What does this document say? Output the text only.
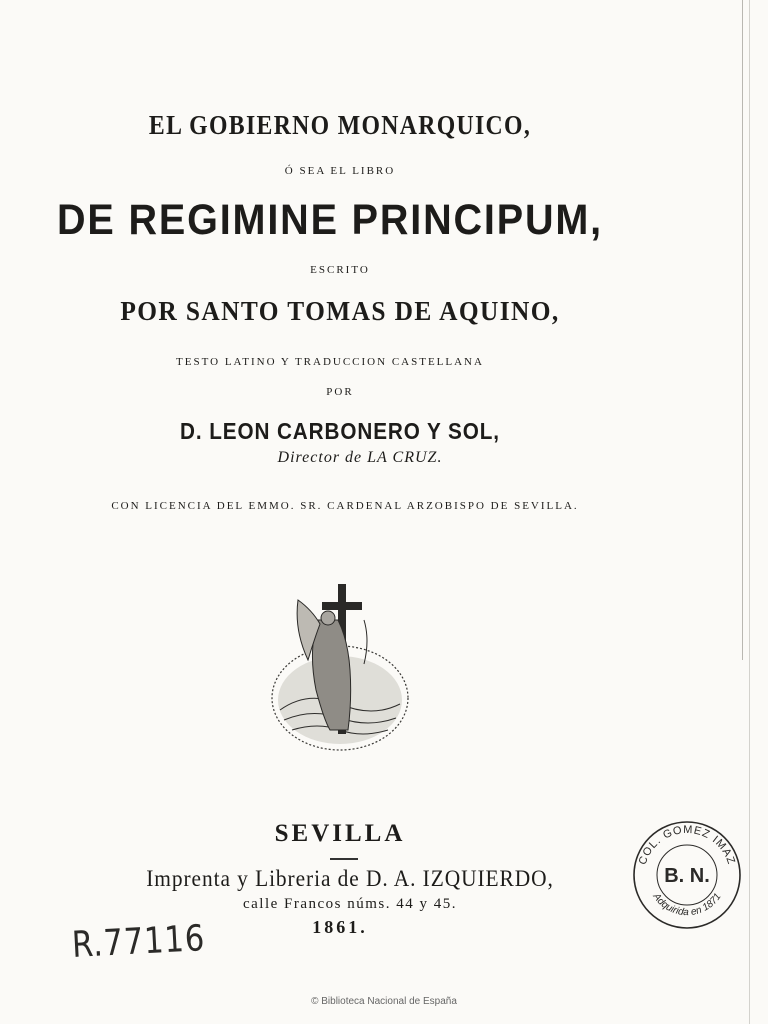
EL GOBIERNO MONARQUICO,
Ó SEA EL LIBRO
DE REGIMINE PRINCIPUM,
ESCRITO
POR SANTO TOMAS DE AQUINO,
TESTO LATINO Y TRADUCCION CASTELLANA
POR
D. LEON CARBONERO Y SOL,
Director de LA CRUZ.
CON LICENCIA DEL EMMO. SR. CARDENAL ARZOBISPO DE SEVILLA.
SEVILLA
Imprenta y Libreria de D. A. IZQUIERDO,
calle Francos núms. 44 y 45.
1861.
R.77116
COL. GOMEZ IMAZ
Adquirida en 1871
B. N.
© Biblioteca Nacional de España
